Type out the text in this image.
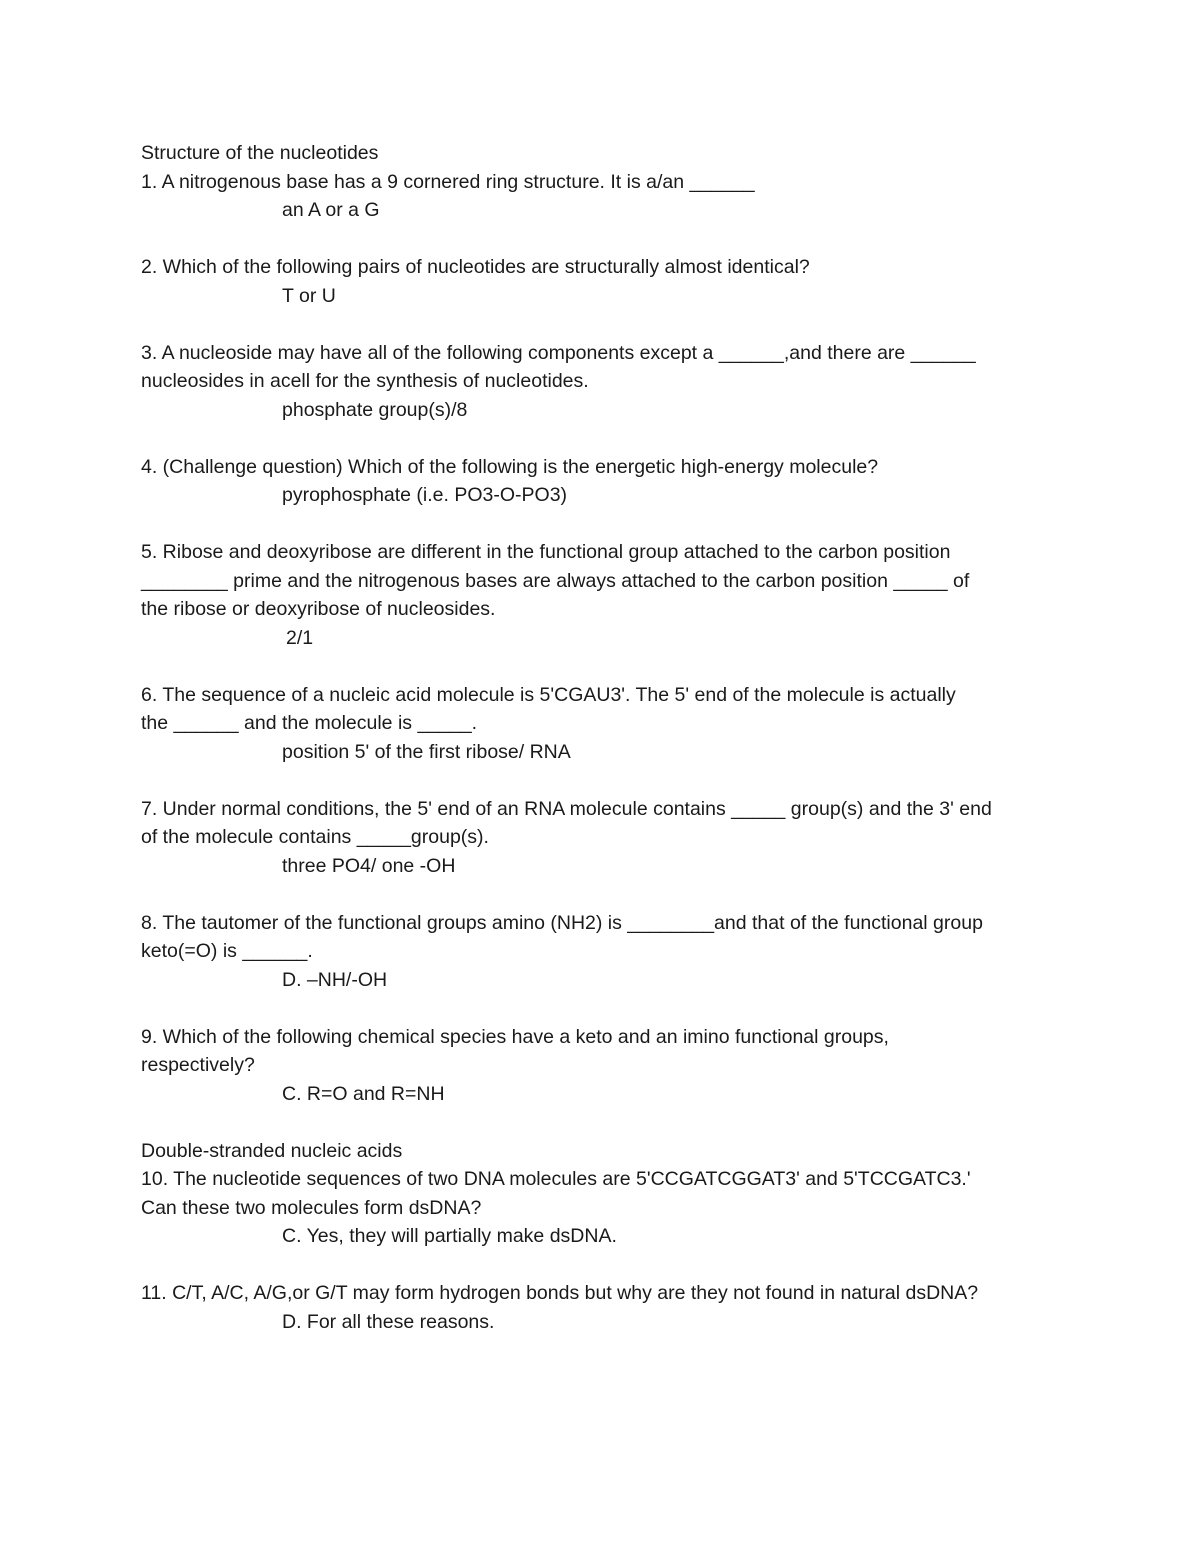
Structure of the nucleotides
1. A nitrogenous base has a 9 cornered ring structure. It is a/an ______
an A or a G
2. Which of the following pairs of nucleotides are structurally almost identical?
T or U
3. A nucleoside may have all of the following components except a ______,and there are ______
nucleosides in acell for the synthesis of nucleotides.
phosphate group(s)/8
4. (Challenge question) Which of the following is the energetic high-energy molecule?
pyrophosphate (i.e. PO3-O-PO3)
5. Ribose and deoxyribose are different in the functional group attached to the carbon position
________ prime and the nitrogenous bases are always attached to the carbon position _____ of
the ribose or deoxyribose of nucleosides.
2/1
6. The sequence of a nucleic acid molecule is 5'CGAU3'. The 5' end of the molecule is actually
the ______ and the molecule is _____.
position 5' of the first ribose/ RNA
7. Under normal conditions, the 5' end of an RNA molecule contains _____ group(s) and the 3' end
of the molecule contains _____group(s).
three PO4/ one -OH
8. The tautomer of the functional groups amino (NH2) is ________and that of the functional group
keto(=O) is ______.
D. –NH/-OH
9. Which of the following chemical species have a keto and an imino functional groups,
respectively?
C. R=O and R=NH
Double-stranded nucleic acids
10. The nucleotide sequences of two DNA molecules are 5'CCGATCGGAT3' and 5'TCCGATC3.'
Can these two molecules form dsDNA?
C. Yes, they will partially make dsDNA.
11. C/T, A/C, A/G,or G/T may form hydrogen bonds but why are they not found in natural dsDNA?
D. For all these reasons.
